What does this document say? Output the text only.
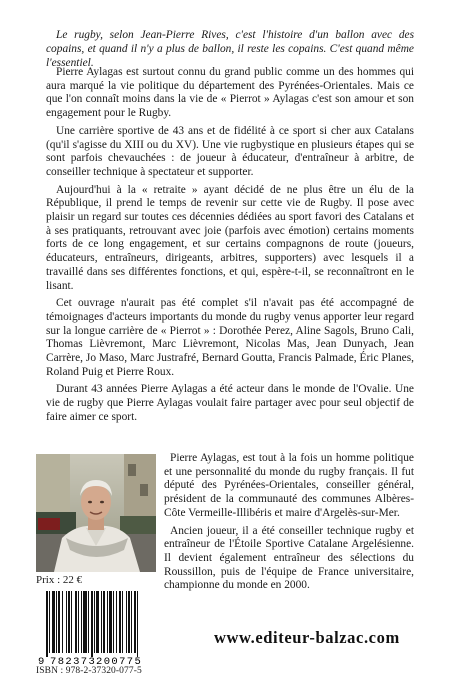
Le rugby, selon Jean-Pierre Rives, c'est l'histoire d'un ballon avec des copains, et quand il n'y a plus de ballon, il reste les copains. C'est quand même l'essentiel.

Pierre Aylagas est surtout connu du grand public comme un des hommes qui aura marqué la vie politique du département des Pyrénées-Orientales. Mais ce que l'on connaît moins dans la vie de « Pierrot » Aylagas c'est son amour et son engagement pour le Rugby.

Une carrière sportive de 43 ans et de fidélité à ce sport si cher aux Catalans (qu'il s'agisse du XIII ou du XV). Une vie rugbystique en plusieurs étapes qui se sont parfois chevauchées : de joueur à éducateur, d'entraîneur à arbitre, de conseiller technique à spectateur et supporter.

Aujourd'hui à la « retraite » ayant décidé de ne plus être un élu de la République, il prend le temps de revenir sur cette vie de Rugby. Il pose avec plaisir un regard sur toutes ces décennies dédiées au sport favori des Catalans et à ses pratiquants, retrouvant avec joie (parfois avec émotion) certains moments forts de ce long engagement, et sur certains compagnons de route (joueurs, éducateurs, entraîneurs, dirigeants, arbitres, supporters) avec lesquels il a travaillé dans ses différentes fonctions, et qui, espère-t-il, se reconnaîtront en le lisant.

Cet ouvrage n'aurait pas été complet s'il n'avait pas été accompagné de témoignages d'acteurs importants du monde du rugby venus apporter leur regard sur la longue carrière de « Pierrot » : Dorothée Perez, Aline Sagols, Bruno Cali, Thomas Lièvremont, Marc Lièvremont, Nicolas Mas, Jean Dunyach, Jean Carrère, Jo Maso, Marc Justrafré, Bernard Goutta, Francis Palmade, Éric Planes, Roland Puig et Pierre Roux.

Durant 43 années Pierre Aylagas a été acteur dans le monde de l'Ovalie. Une vie de rugby que Pierre Aylagas voulait faire partager avec pour seul objectif de faire aimer ce sport.

Pierre Aylagas, est tout à la fois un homme politique et une personnalité du monde du rugby français. Il fut député des Pyrénées-Orientales, conseiller général, président de la communauté des communes Albères-Côte Vermeille-Illibéris et maire d'Argelès-sur-Mer.

Ancien joueur, il a été conseiller technique rugby et entraîneur de l'Étoile Sportive Catalane Argelésienne. Il devient également entraîneur des sélections du Roussillon, puis de l'équipe de France universitaire, championne du monde en 2000.

Prix : 22 €
9 782373 200775
ISBN : 978-2-37320-077-5
www.editeur-balzac.com
